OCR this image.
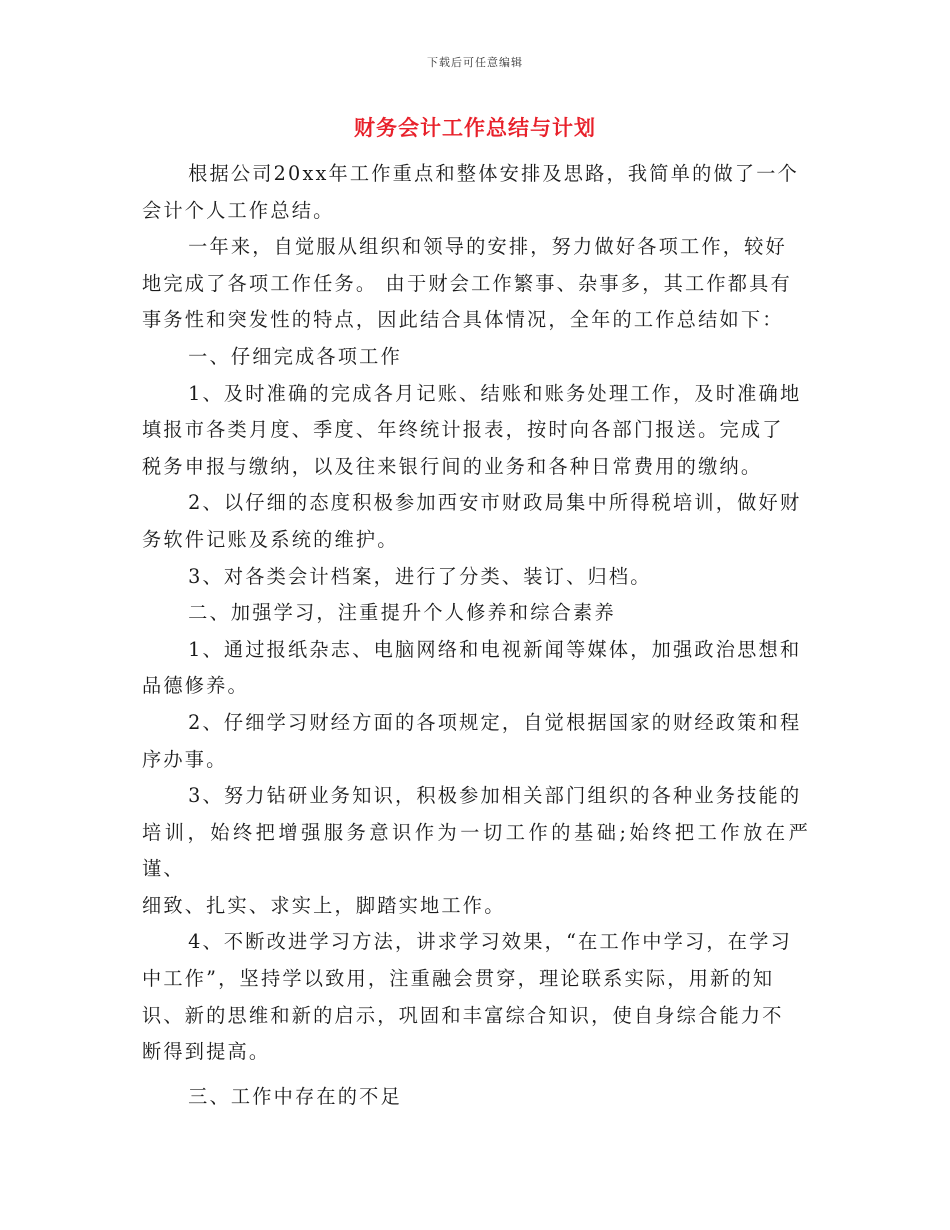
下载后可任意编辑
财务会计工作总结与计划

根据公司20xx年工作重点和整体安排及思路，我简单的做了一个
会计个人工作总结。

一年来，自觉服从组织和领导的安排，努力做好各项工作，较好
地完成了各项工作任务。 由于财会工作繁事、杂事多，其工作都具有
事务性和突发性的特点，因此结合具体情况，全年的工作总结如下：

一、仔细完成各项工作

1、及时准确的完成各月记账、结账和账务处理工作，及时准确地
填报市各类月度、季度、年终统计报表，按时向各部门报送。完成了
税务申报与缴纳，以及往来银行间的业务和各种日常费用的缴纳。

2、以仔细的态度积极参加西安市财政局集中所得税培训，做好财
务软件记账及系统的维护。

3、对各类会计档案，进行了分类、装订、归档。

二、加强学习，注重提升个人修养和综合素养

1、通过报纸杂志、电脑网络和电视新闻等媒体，加强政治思想和
品德修养。

2、仔细学习财经方面的各项规定，自觉根据国家的财经政策和程
序办事。

3、努力钻研业务知识，积极参加相关部门组织的各种业务技能的
培训，始终把增强服务意识作为一切工作的基础;始终把工作放在严谨、
细致、扎实、求实上，脚踏实地工作。

4、不断改进学习方法，讲求学习效果，“在工作中学习，在学习
中工作”，坚持学以致用，注重融会贯穿，理论联系实际，用新的知
识、新的思维和新的启示，巩固和丰富综合知识，使自身综合能力不
断得到提高。

三、工作中存在的不足
